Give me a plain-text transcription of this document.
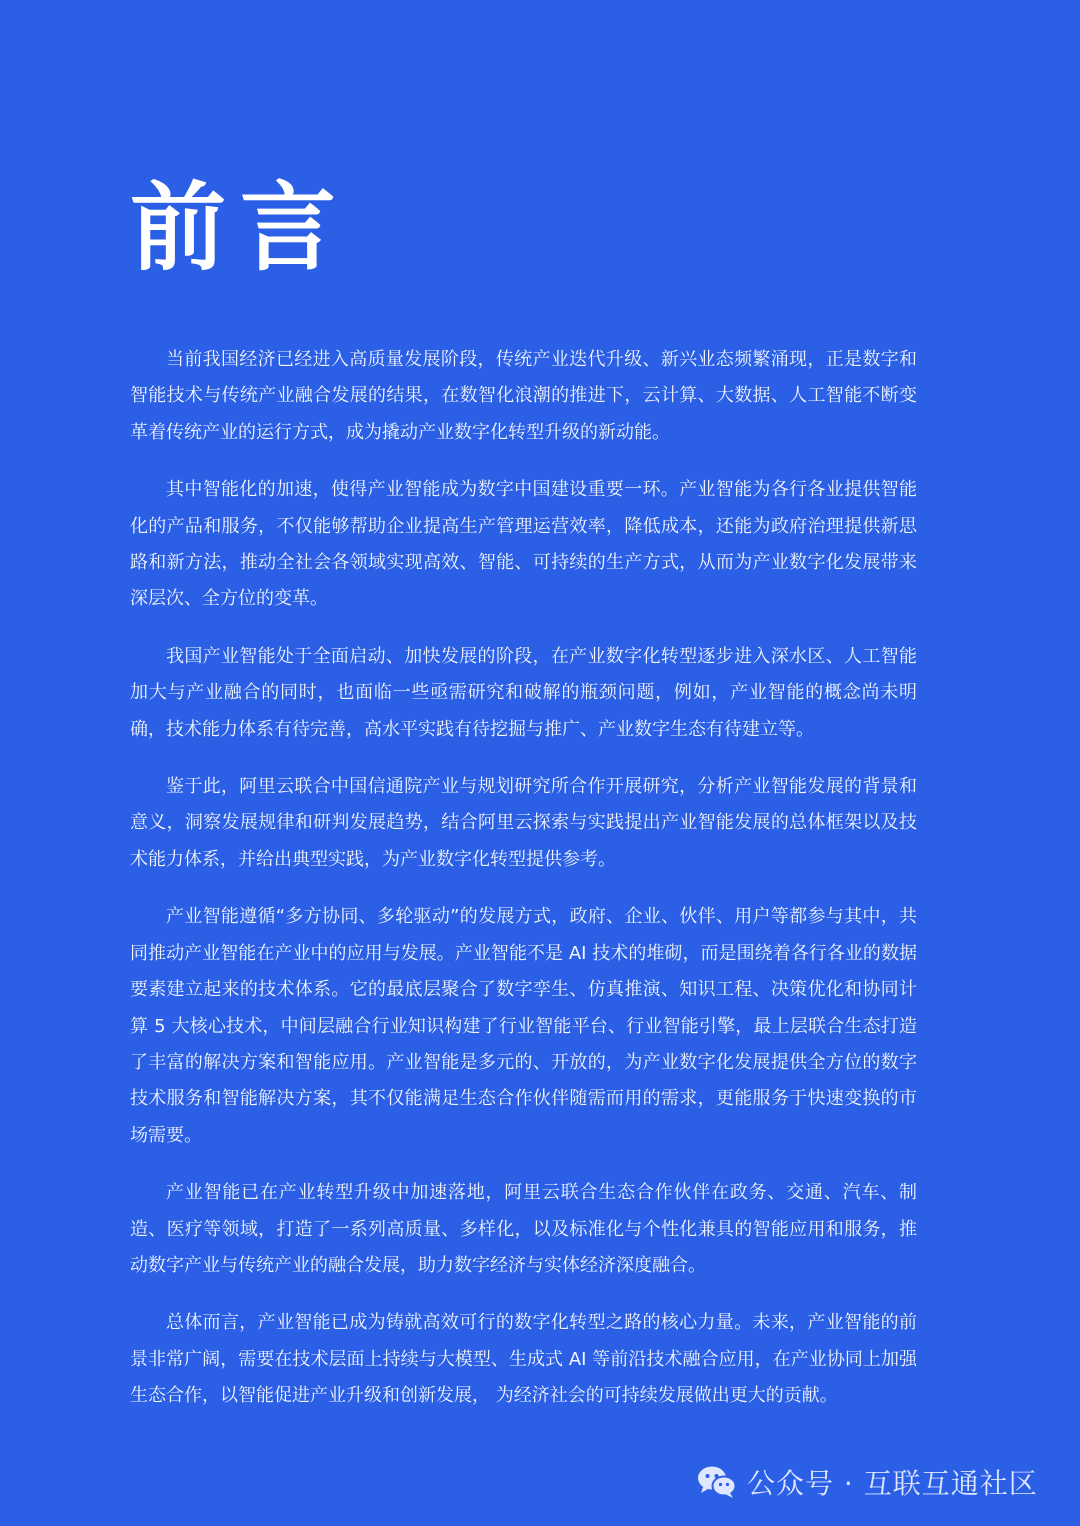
前言

当前我国经济已经进入高质量发展阶段，传统产业迭代升级、新兴业态频繁涌现，正是数字和智能技术与传统产业融合发展的结果，在数智化浪潮的推进下，云计算、大数据、人工智能不断变革着传统产业的运行方式，成为撬动产业数字化转型升级的新动能。

其中智能化的加速，使得产业智能成为数字中国建设重要一环。产业智能为各行各业提供智能化的产品和服务，不仅能够帮助企业提高生产管理运营效率，降低成本，还能为政府治理提供新思路和新方法，推动全社会各领域实现高效、智能、可持续的生产方式，从而为产业数字化发展带来深层次、全方位的变革。

我国产业智能处于全面启动、加快发展的阶段，在产业数字化转型逐步进入深水区、人工智能加大与产业融合的同时，也面临一些亟需研究和破解的瓶颈问题，例如，产业智能的概念尚未明确，技术能力体系有待完善，高水平实践有待挖掘与推广、产业数字生态有待建立等。

鉴于此，阿里云联合中国信通院产业与规划研究所合作开展研究，分析产业智能发展的背景和意义，洞察发展规律和研判发展趋势，结合阿里云探索与实践提出产业智能发展的总体框架以及技术能力体系，并给出典型实践，为产业数字化转型提供参考。

产业智能遵循“多方协同、多轮驱动”的发展方式，政府、企业、伙伴、用户等都参与其中，共同推动产业智能在产业中的应用与发展。产业智能不是 AI 技术的堆砌，而是围绕着各行各业的数据要素建立起来的技术体系。它的最底层聚合了数字孪生、仿真推演、知识工程、决策优化和协同计算 5 大核心技术，中间层融合行业知识构建了行业智能平台、行业智能引擎，最上层联合生态打造了丰富的解决方案和智能应用。产业智能是多元的、开放的，为产业数字化发展提供全方位的数字技术服务和智能解决方案，其不仅能满足生态合作伙伴随需而用的需求，更能服务于快速变换的市场需要。

产业智能已在产业转型升级中加速落地，阿里云联合生态合作伙伴在政务、交通、汽车、制造、医疗等领域，打造了一系列高质量、多样化，以及标准化与个性化兼具的智能应用和服务，推动数字产业与传统产业的融合发展，助力数字经济与实体经济深度融合。

总体而言，产业智能已成为铸就高效可行的数字化转型之路的核心力量。未来，产业智能的前景非常广阔，需要在技术层面上持续与大模型、生成式 AI 等前沿技术融合应用，在产业协同上加强生态合作，以智能促进产业升级和创新发展， 为经济社会的可持续发展做出更大的贡献。

公众号 · 互联互通社区
